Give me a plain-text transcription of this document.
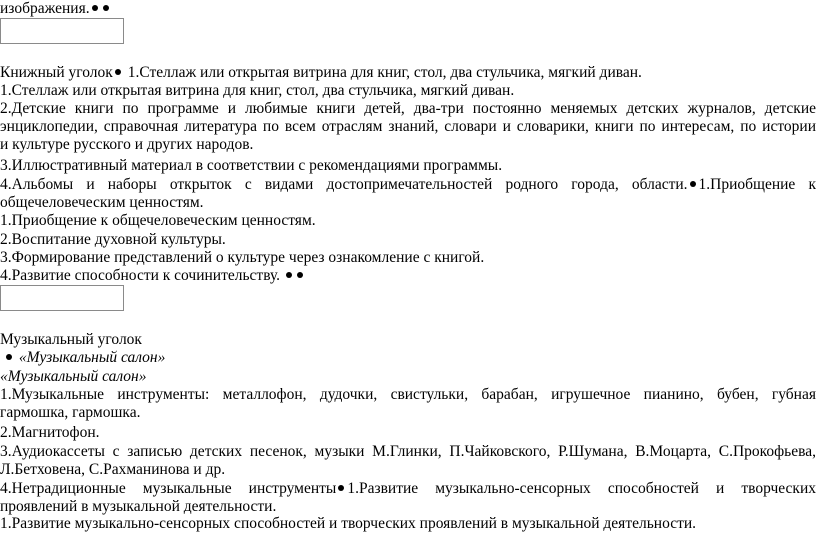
изображения.
Книжный уголок 1.Стеллаж или открытая витрина для книг, стол, два стульчика, мягкий диван.
1.Стеллаж или открытая витрина для книг, стол, два стульчика, мягкий диван.
2.Детские книги по программе и любимые книги детей, два-три постоянно меняемых детских журналов, детские
энциклопедии, справочная литература по всем отраслям знаний, словари и словарики, книги по интересам, по истории
и культуре русского и других народов.
3.Иллюстративный материал в соответствии с рекомендациями программы.
4.Альбомы и наборы открыток с видами достопримечательностей родного города, области. 1.Приобщение к
общечеловеческим ценностям.
1.Приобщение к общечеловеческим ценностям.
2.Воспитание духовной культуры.
3.Формирование представлений о культуре через ознакомление с книгой.
4.Развитие способности к сочинительству.
Музыкальный уголок
«Музыкальный салон»
«Музыкальный салон»
1.Музыкальные инструменты: металлофон, дудочки, свистульки, барабан, игрушечное пианино, бубен, губная
гармошка, гармошка.
2.Магнитофон.
3.Аудиокассеты с записью детских песенок, музыки М.Глинки, П.Чайковского, Р.Шумана, В.Моцарта, С.Прокофьева,
Л.Бетховена, С.Рахманинова и др.
4.Нетрадиционные музыкальные инструменты 1.Развитие музыкально-сенсорных способностей и творческих
проявлений в музыкальной деятельности.
1.Развитие музыкально-сенсорных способностей и творческих проявлений в музыкальной деятельности.
